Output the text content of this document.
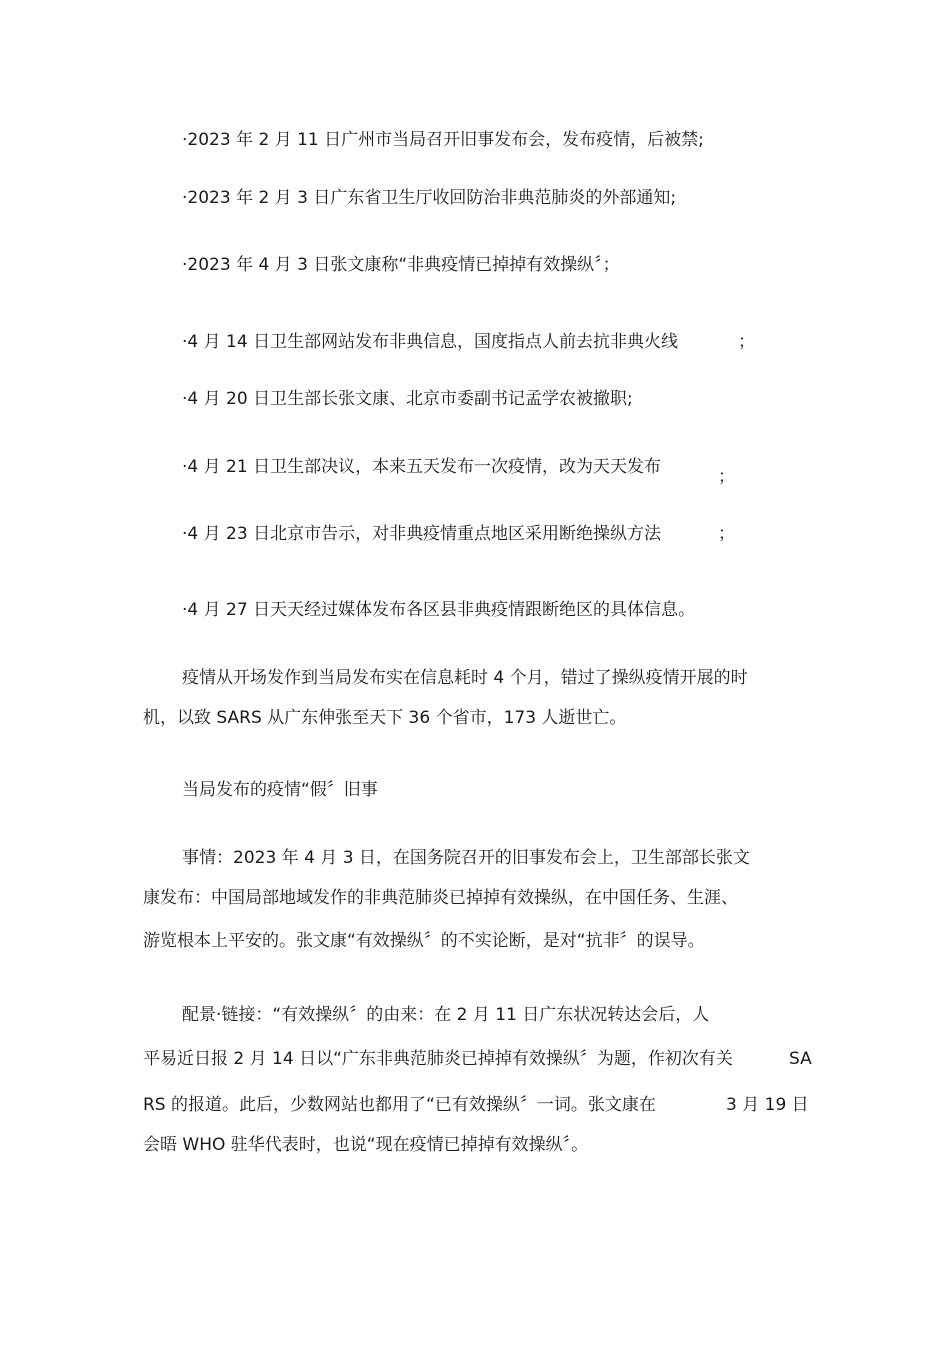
·2023 年 2 月 11 日广州市当局召开旧事发布会，发布疫情，后被禁;

·2023 年 2 月 3 日广东省卫生厅收回防治非典范肺炎的外部通知;

·2023 年 4 月 3 日张文康称“非典疫情已掉掉有效操纵〞；

·4 月 14 日卫生部网站发布非典信息，国度指点人前去抗非典火线	；

·4 月 20 日卫生部长张文康、北京市委副书记孟学农被撤职;

·4 月 21 日卫生部决议，本来五天发布一次疫情，改为天天发布	；

·4 月 23 日北京市告示，对非典疫情重点地区采用断绝操纵方法	；

·4 月 27 日天天经过媒体发布各区县非典疫情跟断绝区的具体信息。

疫情从开场发作到当局发布实在信息耗时 4 个月，错过了操纵疫情开展的时

机，以致 SARS 从广东伸张至天下 36 个省市，173 人逝世亡。

当局发布的疫情“假〞旧事

事情：2023 年 4 月 3 日，在国务院召开的旧事发布会上，卫生部部长张文

康发布：中国局部地域发作的非典范肺炎已掉掉有效操纵，在中国任务、生涯、

游览根本上平安的。张文康“有效操纵〞的不实论断，是对“抗非〞的误导。

配景·链接：“有效操纵〞的由来：在 2 月 11 日广东状况转达会后，人

平易近日报 2 月 14 日以“广东非典范肺炎已掉掉有效操纵〞为题，作初次有关	SA

RS 的报道。此后，少数网站也都用了“已有效操纵〞一词。张文康在	3 月 19 日

会晤 WHO 驻华代表时，也说“现在疫情已掉掉有效操纵〞。
